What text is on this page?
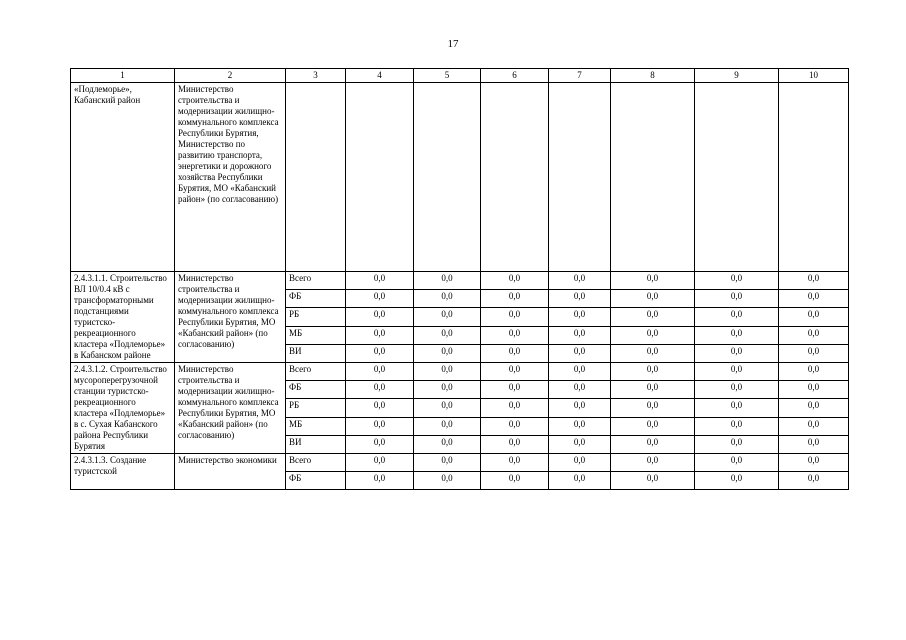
17
1	2	3	4	5	6	7	8	9	10
«Подлеморье», Кабанский район	Министерство строительства и модернизации жилищно-коммунального комплекса Республики Бурятия, Министерство по развитию транспорта, энергетики и дорожного хозяйства Республики Бурятия, МО «Кабанский район» (по согласованию)								
2.4.3.1.1. Строительство ВЛ 10/0.4 кВ с трансформаторными подстанциями туристско-рекреационного кластера «Подлеморье» в Кабанском районе	Министерство строительства и модернизации жилищно-коммунального комплекса Республики Бурятия, МО «Кабанский район» (по согласованию)	Всего	0,0	0,0	0,0	0,0	0,0	0,0	0,0
		ФБ	0,0	0,0	0,0	0,0	0,0	0,0	0,0
		РБ	0,0	0,0	0,0	0,0	0,0	0,0	0,0
		МБ	0,0	0,0	0,0	0,0	0,0	0,0	0,0
		ВИ	0,0	0,0	0,0	0,0	0,0	0,0	0,0
2.4.3.1.2. Строительство мусороперегрузочной станции туристско-рекреационного кластера «Подлеморье» в с. Сухая Кабанского района Республики Бурятия	Министерство строительства и модернизации жилищно-коммунального комплекса Республики Бурятия, МО «Кабанский район» (по согласованию)	Всего	0,0	0,0	0,0	0,0	0,0	0,0	0,0
		ФБ	0,0	0,0	0,0	0,0	0,0	0,0	0,0
		РБ	0,0	0,0	0,0	0,0	0,0	0,0	0,0
		МБ	0,0	0,0	0,0	0,0	0,0	0,0	0,0
		ВИ	0,0	0,0	0,0	0,0	0,0	0,0	0,0
2.4.3.1.3. Создание туристской	Министерство экономики	Всего	0,0	0,0	0,0	0,0	0,0	0,0	0,0
		ФБ	0,0	0,0	0,0	0,0	0,0	0,0	0,0
